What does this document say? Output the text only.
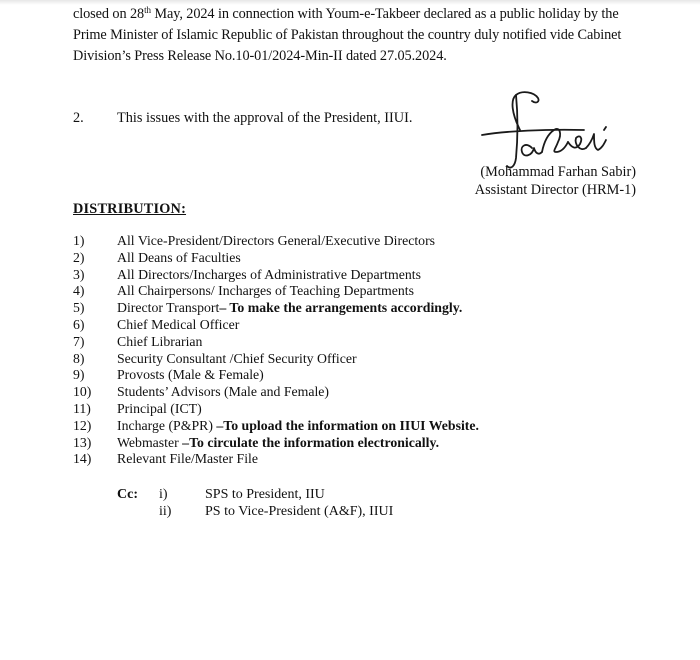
closed on 28th May, 2024 in connection with Youm-e-Takbeer declared as a public holiday by the
Prime Minister of Islamic Republic of Pakistan throughout the country duly notified vide Cabinet
Division’s Press Release No.10-01/2024-Min-II dated 27.05.2024.
2. This issues with the approval of the President, IIUI.
(Mohammad Farhan Sabir)
Assistant Director (HRM-1)
DISTRIBUTION:
1) All Vice-President/Directors General/Executive Directors
2) All Deans of Faculties
3) All Directors/Incharges of Administrative Departments
4) All Chairpersons/ Incharges of Teaching Departments
5) Director Transport– To make the arrangements accordingly.
6) Chief Medical Officer
7) Chief Librarian
8) Security Consultant /Chief Security Officer
9) Provosts (Male & Female)
10) Students’ Advisors (Male and Female)
11) Principal (ICT)
12) Incharge (P&PR) –To upload the information on IIUI Website.
13) Webmaster –To circulate the information electronically.
14) Relevant File/Master File
Cc: i)	SPS to President, IIU
ii) PS to Vice-President (A&F), IIUI
